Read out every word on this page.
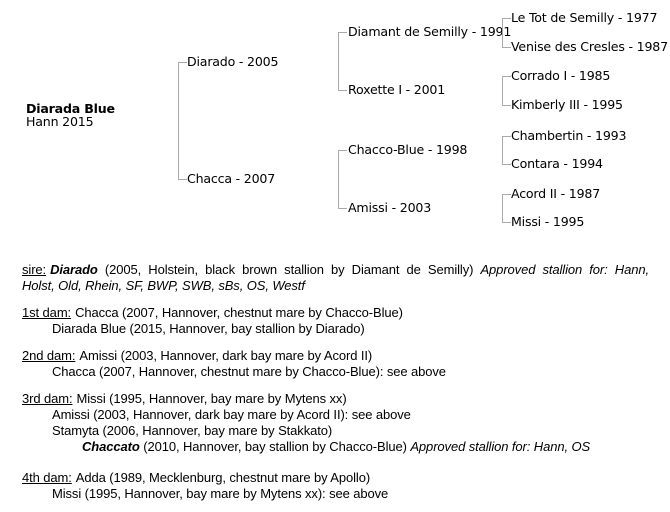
Diarada Blue
Hann 2015
Diarado - 2005
Chacca - 2007
Diamant de Semilly - 1991
Roxette I - 2001
Chacco-Blue - 1998
Amissi - 2003
Le Tot de Semilly - 1977
Venise des Cresles - 1987
Corrado I - 1985
Kimberly III - 1995
Chambertin - 1993
Contara - 1994
Acord II - 1987
Missi - 1995
sire: Diarado (2005, Holstein, black brown stallion by Diamant de Semilly) Approved stallion for: Hann,
Holst, Old, Rhein, SF, BWP, SWB, sBs, OS, Westf
1st dam: Chacca (2007, Hannover, chestnut mare by Chacco-Blue)
Diarada Blue (2015, Hannover, bay stallion by Diarado)
2nd dam: Amissi (2003, Hannover, dark bay mare by Acord II)
Chacca (2007, Hannover, chestnut mare by Chacco-Blue): see above
3rd dam: Missi (1995, Hannover, bay mare by Mytens xx)
Amissi (2003, Hannover, dark bay mare by Acord II): see above
Stamyta (2006, Hannover, bay mare by Stakkato)
Chaccato (2010, Hannover, bay stallion by Chacco-Blue) Approved stallion for: Hann, OS
4th dam: Adda (1989, Mecklenburg, chestnut mare by Apollo)
Missi (1995, Hannover, bay mare by Mytens xx): see above
